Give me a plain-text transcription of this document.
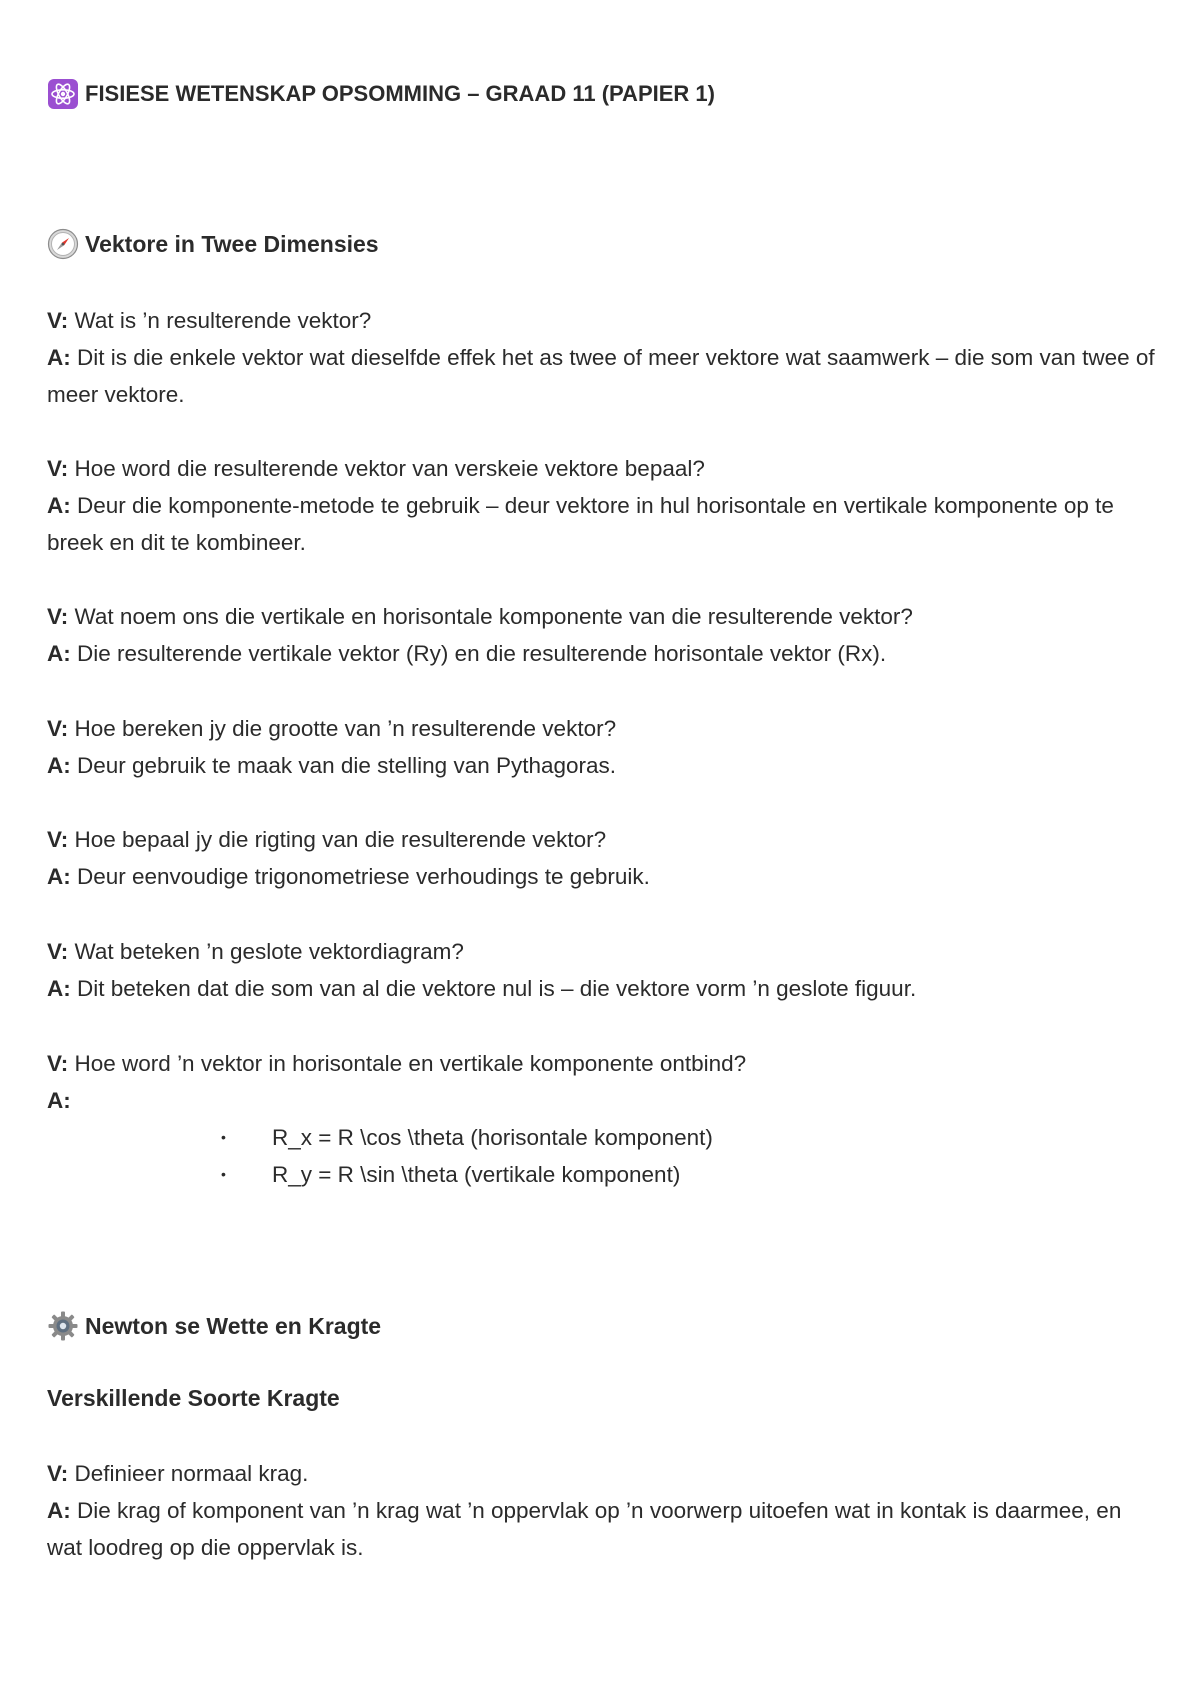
FISIESE WETENSKAP OPSOMMING – GRAAD 11 (PAPIER 1)
Vektore in Twee Dimensies

V: Wat is ’n resulterende vektor?

A: Dit is die enkele vektor wat dieselfde effek het as twee of meer vektore wat saamwerk – die som van twee of meer vektore.

V: Hoe word die resulterende vektor van verskeie vektore bepaal?

A: Deur die komponente-metode te gebruik – deur vektore in hul horisontale en vertikale komponente op te breek en dit te kombineer.

V: Wat noem ons die vertikale en horisontale komponente van die resulterende vektor?

A: Die resulterende vertikale vektor (Ry) en die resulterende horisontale vektor (Rx).

V: Hoe bereken jy die grootte van ’n resulterende vektor?

A: Deur gebruik te maak van die stelling van Pythagoras.

V: Hoe bepaal jy die rigting van die resulterende vektor?

A: Deur eenvoudige trigonometriese verhoudings te gebruik.

V: Wat beteken ’n geslote vektordiagram?

A: Dit beteken dat die som van al die vektore nul is – die vektore vorm ’n geslote figuur.

V: Hoe word ’n vektor in horisontale en vertikale komponente ontbind?

A:

• R_x = R \cos \theta (horisontale komponent)
• R_y = R \sin \theta (vertikale komponent)
Newton se Wette en Kragte
Verskillende Soorte Kragte

V: Definieer normaal krag.

A: Die krag of komponent van ’n krag wat ’n oppervlak op ’n voorwerp uitoefen wat in kontak is daarmee, en wat loodreg op die oppervlak is.
